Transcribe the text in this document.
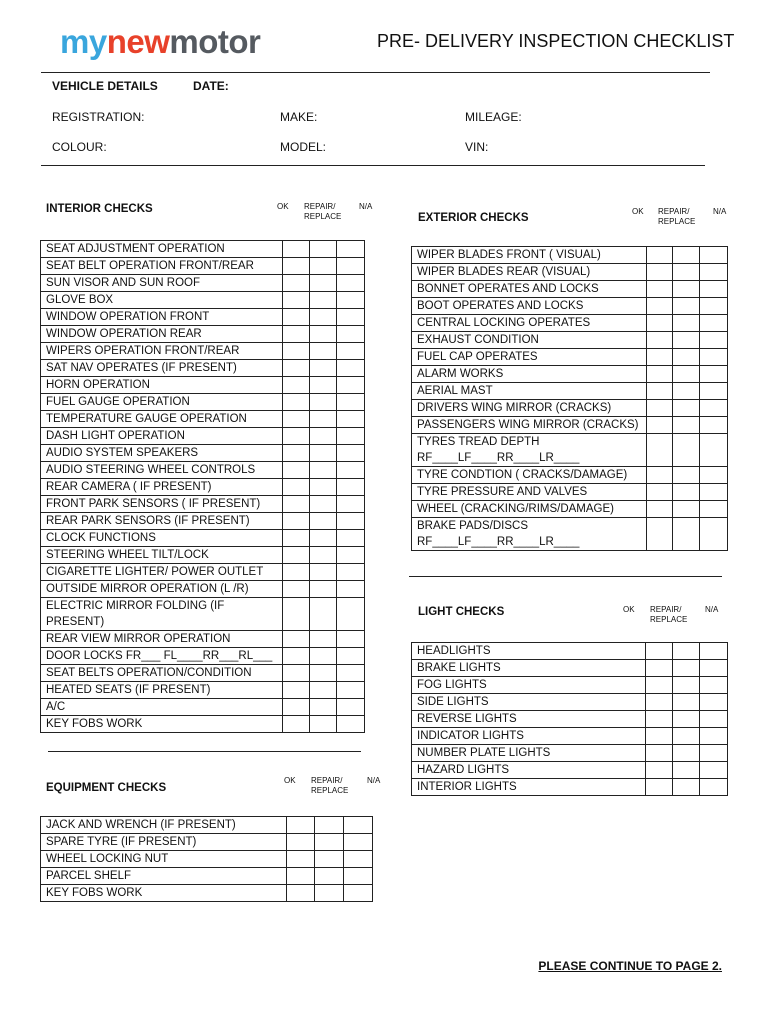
mynewmotor	PRE- DELIVERY INSPECTION CHECKLIST
VEHICLE DETAILS	DATE:
REGISTRATION:	MAKE:	MILEAGE:
COLOUR:	MODEL:	VIN:
INTERIOR CHECKS	OK REPAIR/
REPLACE
N/A
SEAT ADJUSTMENT OPERATION			
SEAT BELT OPERATION FRONT/REAR			
SUN VISOR AND SUN ROOF			
GLOVE BOX			
WINDOW OPERATION FRONT			
WINDOW OPERATION REAR			
WIPERS OPERATION FRONT/REAR			
SAT NAV OPERATES (IF PRESENT)			
HORN OPERATION			
FUEL GAUGE OPERATION			
TEMPERATURE GAUGE OPERATION			
DASH LIGHT OPERATION			
AUDIO SYSTEM SPEAKERS			
AUDIO STEERING WHEEL CONTROLS			
REAR CAMERA ( IF PRESENT)			
FRONT PARK SENSORS ( IF PRESENT)			
REAR PARK SENSORS (IF PRESENT)			
CLOCK FUNCTIONS			
STEERING WHEEL TILT/LOCK			
CIGARETTE LIGHTER/ POWER OUTLET			
OUTSIDE MIRROR OPERATION (L /R)			
ELECTRIC MIRROR FOLDING (IF PRESENT)			
REAR VIEW MIRROR OPERATION			
DOOR LOCKS FR___ FL____RR___RL___			
SEAT BELTS OPERATION/CONDITION			
HEATED SEATS (IF PRESENT)			
A/C			
KEY FOBS WORK			
EQUIPMENT CHECKS
OK REPAIR/
REPLACE
N/A
JACK AND WRENCH (IF PRESENT)			
SPARE TYRE (IF PRESENT)			
WHEEL LOCKING NUT			
PARCEL SHELF			
KEY FOBS WORK			
EXTERIOR CHECKS
OK REPAIR/
REPLACE
N/A
WIPER BLADES FRONT ( VISUAL)			
WIPER BLADES REAR (VISUAL)			
BONNET OPERATES AND LOCKS			
BOOT OPERATES AND LOCKS			
CENTRAL LOCKING OPERATES			
EXHAUST CONDITION			
FUEL CAP OPERATES			
ALARM WORKS			
AERIAL MAST			
DRIVERS WING MIRROR (CRACKS)			
PASSENGERS WING MIRROR (CRACKS)			
TYRES TREAD DEPTH
RF____LF____RR____LR____			
TYRE CONDTION ( CRACKS/DAMAGE)			
TYRE PRESSURE AND VALVES			
WHEEL (CRACKING/RIMS/DAMAGE)			
BRAKE PADS/DISCS
RF____LF____RR____LR____			
LIGHT CHECKS	OK REPAIR/
REPLACE
N/A
HEADLIGHTS			
BRAKE LIGHTS			
FOG LIGHTS			
SIDE LIGHTS			
REVERSE LIGHTS			
INDICATOR LIGHTS			
NUMBER PLATE LIGHTS			
HAZARD LIGHTS			
INTERIOR LIGHTS			
PLEASE CONTINUE TO PAGE 2.
